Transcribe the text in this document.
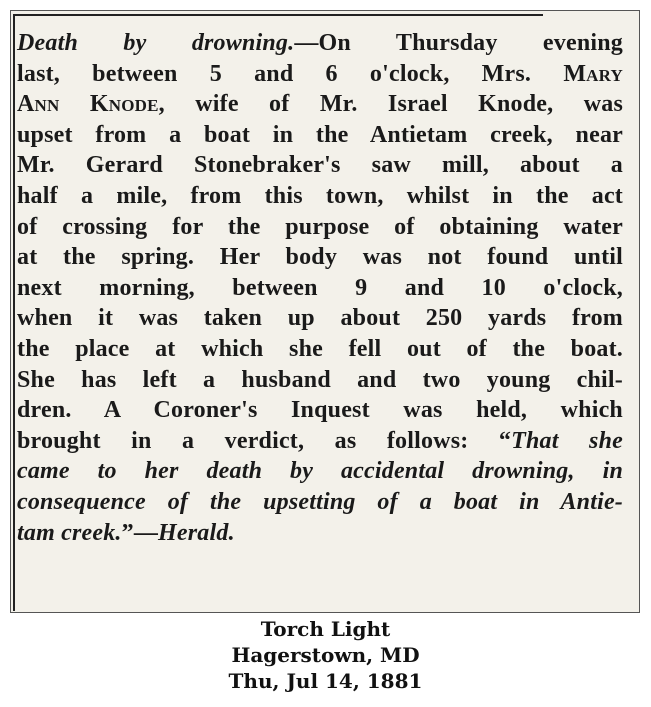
Death by drowning.—On Thursday evening
last, between 5 and 6 o'clock, Mrs. Mary
Ann Knode, wife of Mr. Israel Knode, was
upset from a boat in the Antietam creek, near
Mr. Gerard Stonebraker's saw mill, about a
half a mile, from this town, whilst in the act
of crossing for the purpose of obtaining water
at the spring. Her body was not found until
next morning, between 9 and 10 o'clock,
when it was taken up about 250 yards from
the place at which she fell out of the boat.
She has left a husband and two young chil-
dren. A Coroner's Inquest was held, which
brought in a verdict, as follows: “That she
came to her death by accidental drowning, in
consequence of the upsetting of a boat in Antie-
tam creek.”—Herald.
Torch Light
Hagerstown, MD
Thu, Jul 14, 1881
